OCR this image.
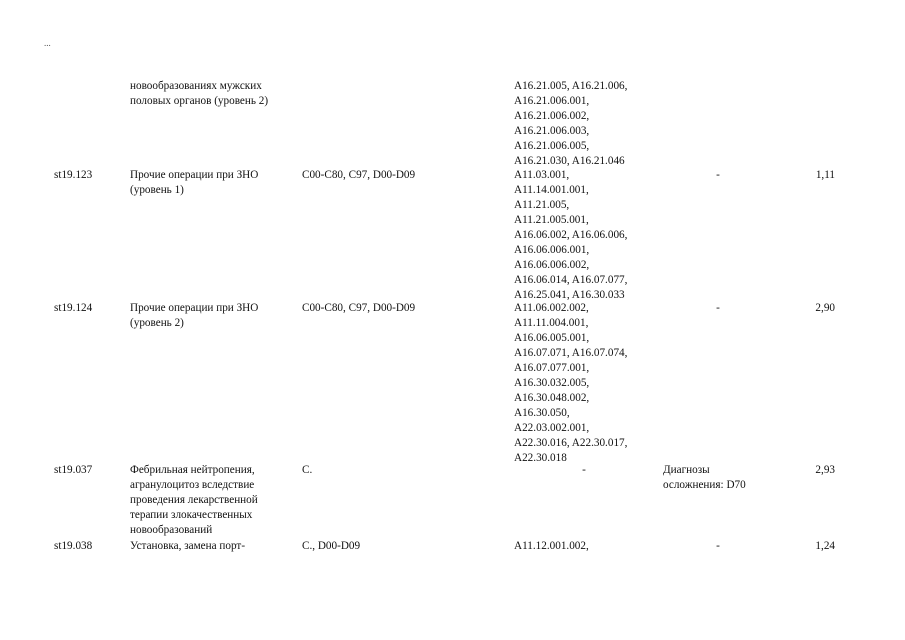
...
новообразованиях мужских
половых органов (уровень 2)
A16.21.005, A16.21.006,
A16.21.006.001,
A16.21.006.002,
A16.21.006.003,
A16.21.006.005,
A16.21.030, A16.21.046
st19.123	Прочие операции при ЗНО
(уровень 1)
C00-C80, C97, D00-D09	A11.03.001,
A11.14.001.001,
A11.21.005,
A11.21.005.001,
A16.06.002, A16.06.006,
A16.06.006.001,
A16.06.006.002,
A16.06.014, A16.07.077,
A16.25.041, A16.30.033
-	1,11
st19.124	Прочие операции при ЗНО
(уровень 2)
C00-C80, C97, D00-D09	A11.06.002.002,
A11.11.004.001,
A16.06.005.001,
A16.07.071, A16.07.074,
A16.07.077.001,
A16.30.032.005,
A16.30.048.002,
A16.30.050,
A22.03.002.001,
A22.30.016, A22.30.017,
A22.30.018
-	2,90
st19.037	Фебрильная нейтропения,
агранулоцитоз вследствие
проведения лекарственной
терапии злокачественных
новообразований
C.	-	Диагнозы
осложнения: D70
2,93
st19.038	Установка, замена порт-	C., D00-D09	A11.12.001.002,	-	1,24
